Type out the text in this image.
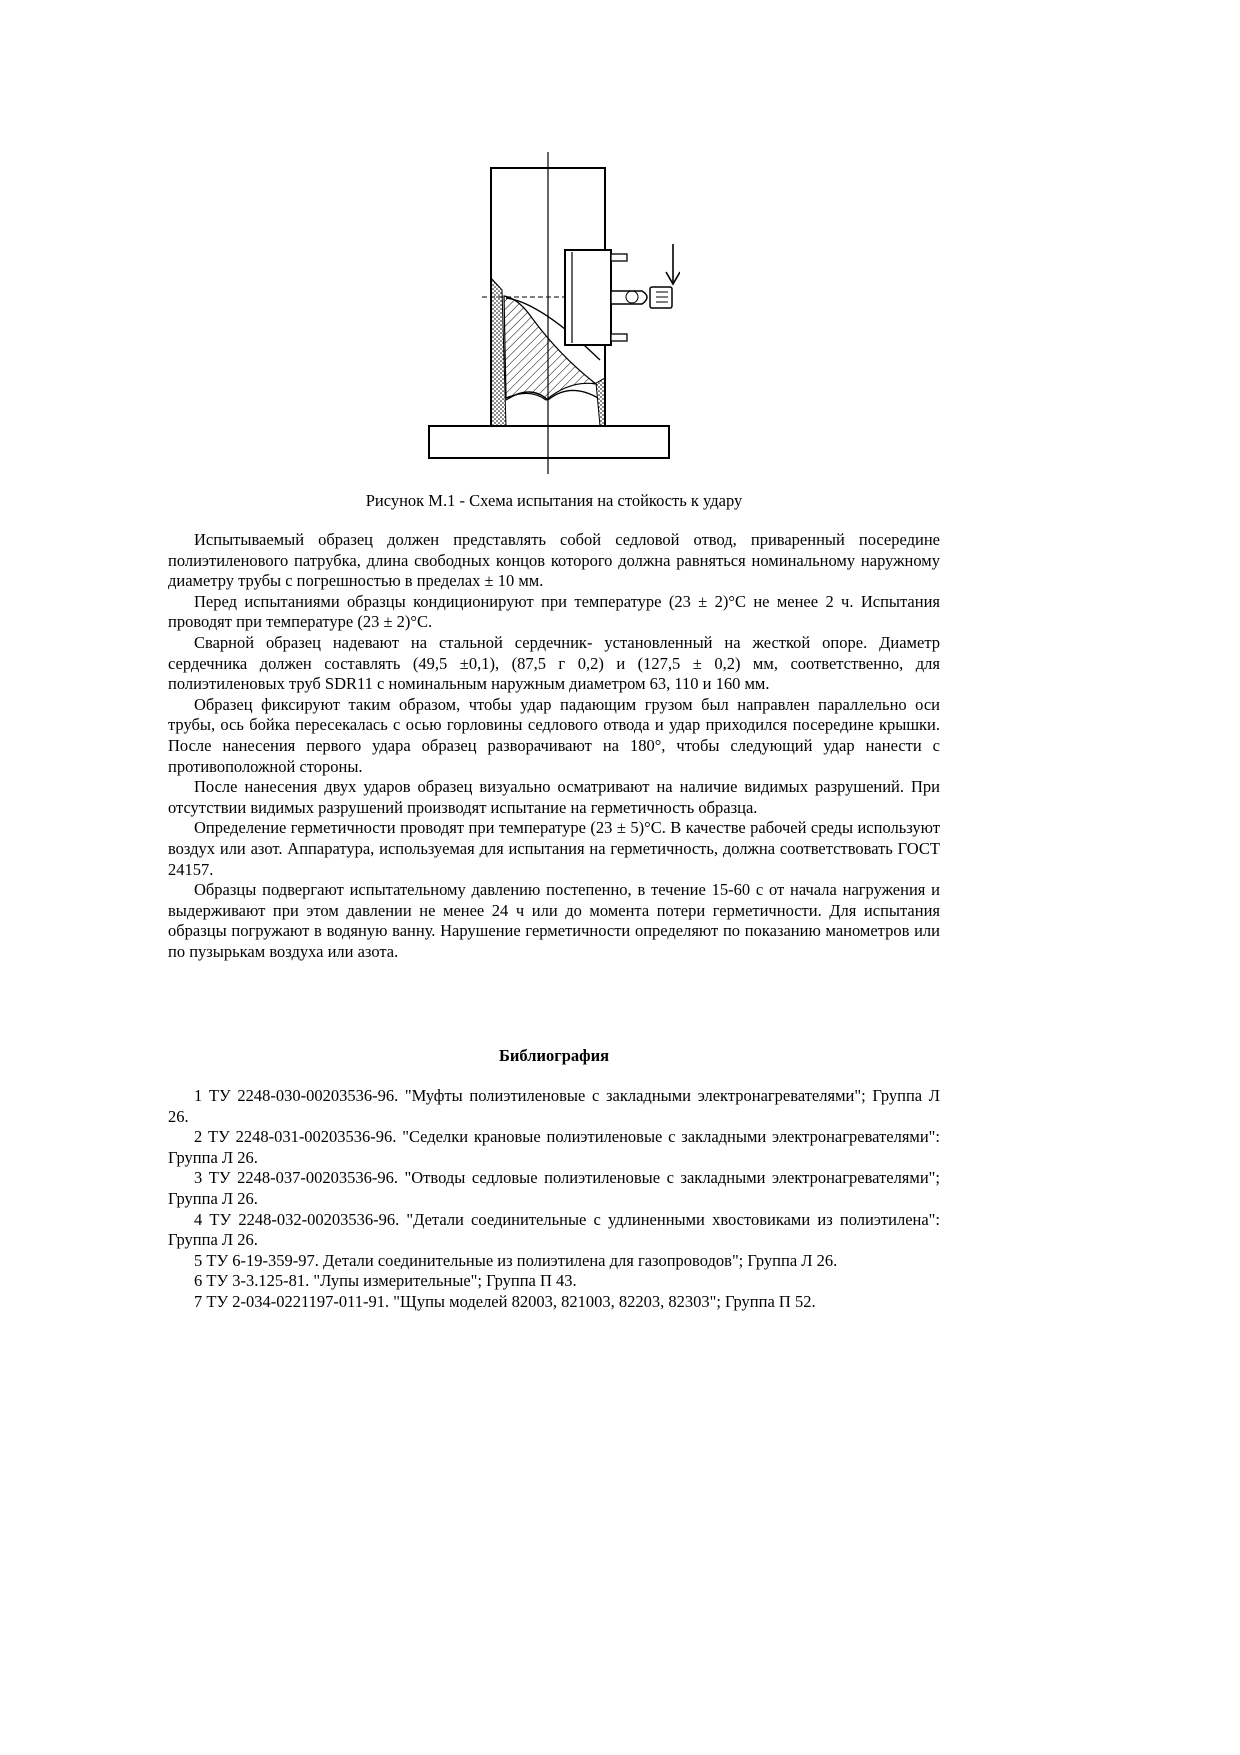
Рисунок М.1 - Схема испытания на стойкость к удару

Испытываемый образец должен представлять собой седловой отвод, приваренный посередине полиэтиленового патрубка, длина свободных концов которого должна равняться номинальному наружному диаметру трубы с погрешностью в пределах ± 10 мм.

Перед испытаниями образцы кондиционируют при температуре (23 ± 2)°С не менее 2 ч. Испытания проводят при температуре (23 ± 2)°С.

Сварной образец надевают на стальной сердечник- установленный на жесткой опоре. Диаметр сердечника должен составлять (49,5 ±0,1), (87,5 г 0,2) и (127,5 ± 0,2) мм, соответственно, для полиэтиленовых труб SDR11 с номинальным наружным диаметром 63, 110 и 160 мм.

Образец фиксируют таким образом, чтобы удар падающим грузом был направлен параллельно оси трубы, ось бойка пересекалась с осью горловины седлового отвода и удар приходился посередине крышки. После нанесения первого удара образец разворачивают на 180°, чтобы следующий удар нанести с противоположной стороны.

После нанесения двух ударов образец визуально осматривают на наличие видимых разрушений. При отсутствии видимых разрушений производят испытание на герметичность образца.

Определение герметичности проводят при температуре (23 ± 5)°С. В качестве рабочей среды используют воздух или азот. Аппаратура, используемая для испытания на герметичность, должна соответствовать ГОСТ 24157.

Образцы подвергают испытательному давлению постепенно, в течение 15-60 с от начала нагружения и выдерживают при этом давлении не менее 24 ч или до момента потери герметичности. Для испытания образцы погружают в водяную ванну. Нарушение герметичности определяют по показанию манометров или по пузырькам воздуха или азота.

Библиография

1 ТУ 2248-030-00203536-96. "Муфты полиэтиленовые с закладными электронагревателями"; Группа Л 26.

2 ТУ 2248-031-00203536-96. "Седелки крановые полиэтиленовые с закладными электронагревателями": Группа Л 26.

3 ТУ 2248-037-00203536-96. "Отводы седловые полиэтиленовые с закладными электронагревателями"; Группа Л 26.

4 ТУ 2248-032-00203536-96. "Детали соединительные с удлиненными хвостовиками из полиэтилена": Группа Л 26.

5 ТУ 6-19-359-97. Детали соединительные из полиэтилена для газопроводов"; Группа Л 26.

6 ТУ 3-3.125-81. "Лупы измерительные"; Группа П 43.

7 ТУ 2-034-0221197-011-91. "Щупы моделей 82003, 821003, 82203, 82303"; Группа П 52.
